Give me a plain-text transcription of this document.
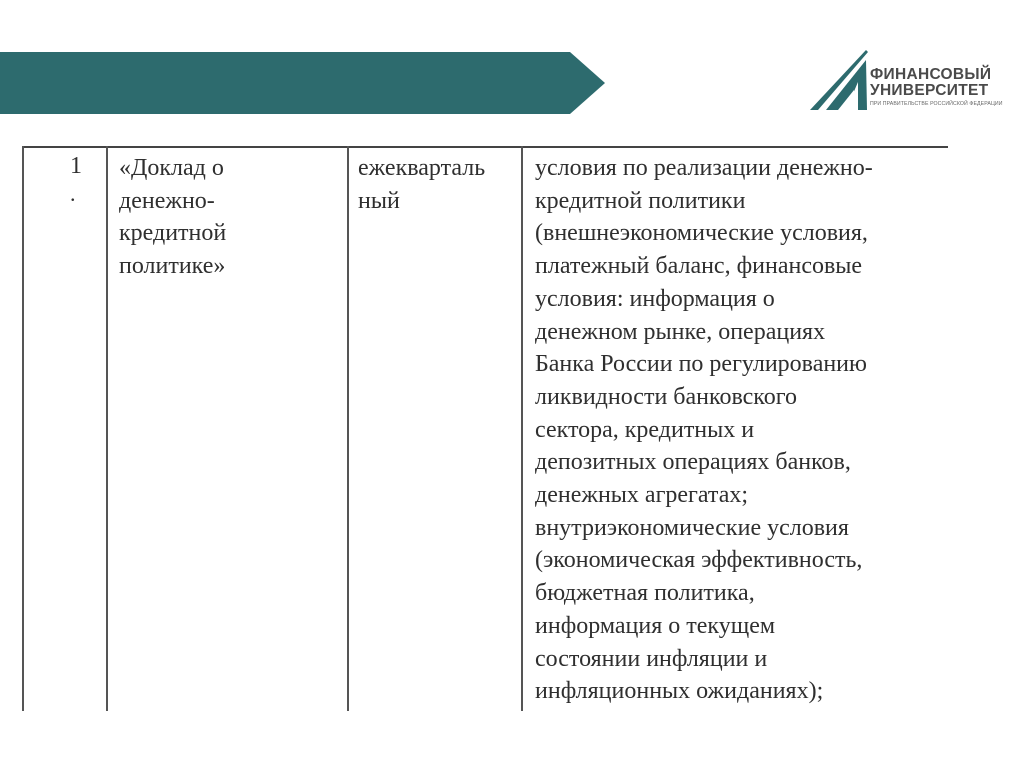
ФИНАНСОВЫЙ
УНИВЕРСИТЕТ
ПРИ ПРАВИТЕЛЬСТВЕ РОССИЙСКОЙ ФЕДЕРАЦИИ
1
.
«Доклад о
денежно-
кредитной
политике»
ежекварталь
ный
условия по реализации денежно-
кредитной политики
(внешнеэкономические условия,
платежный баланс, финансовые
условия: информация о
денежном рынке, операциях
Банка России по регулированию
ликвидности банковского
сектора, кредитных и
депозитных операциях банков,
денежных агрегатах;
внутриэкономические условия
(экономическая эффективность,
бюджетная политика,
информация о текущем
состоянии инфляции и
инфляционных ожиданиях);
